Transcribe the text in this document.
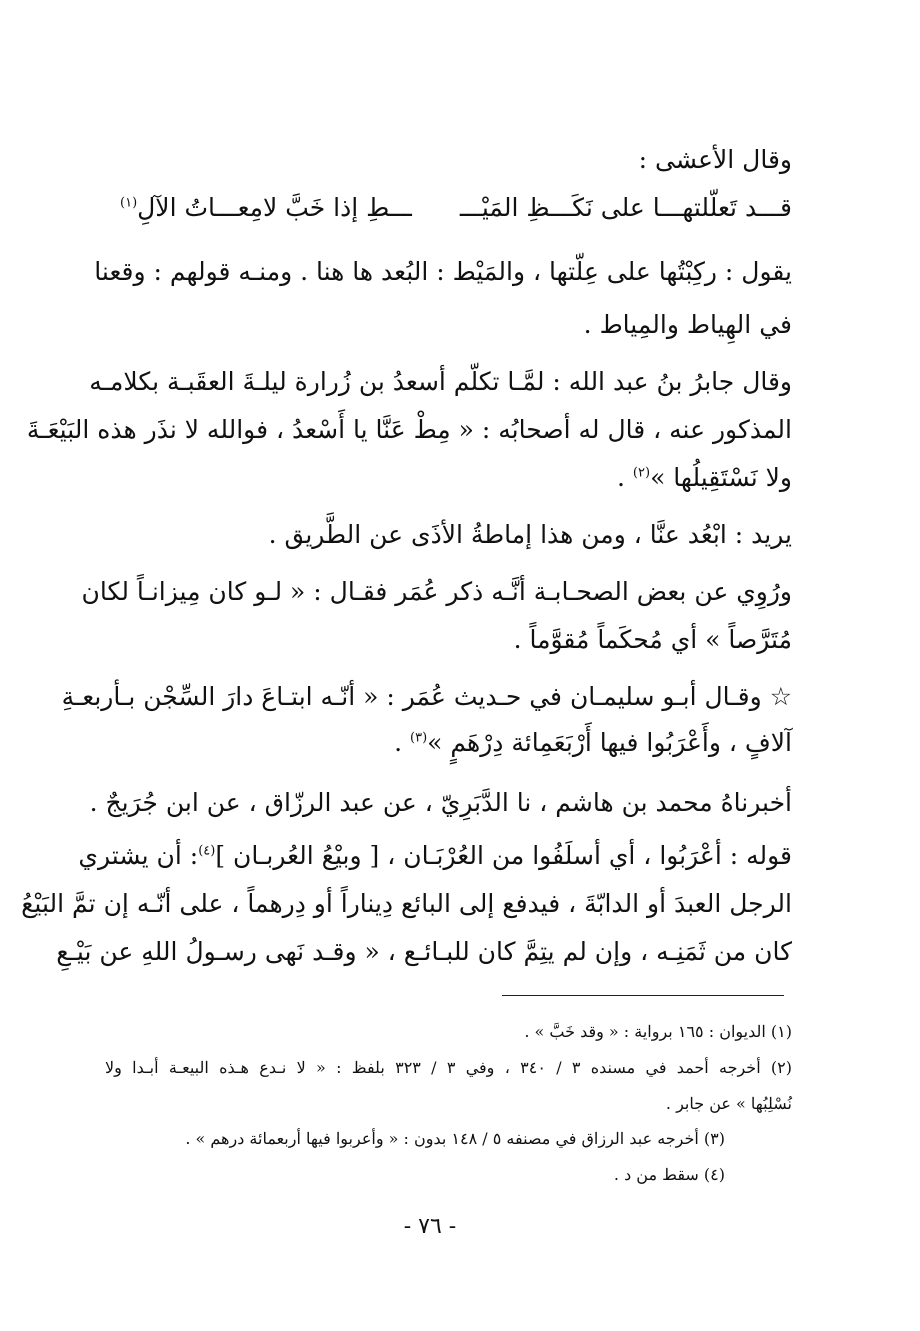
وقال الأعشى :
قـــد تَعلّلتهـــا على نَكَـــظِ المَيْـــ
ـــطِ إذا خَبَّ لامِعـــاتُ الآلِ$^{(١)}$
يقول : ركِبْتُها على عِلّتها ، والمَيْط : البُعد ها هنا . ومنـه قولهم : وقعنا
في الهِياط والمِياط .
وقال جابرُ بنُ عبد الله : لمَّـا تكلّم أسعدُ بن زُرارة ليلـةَ العقَبـة بكلامـه
المذكور عنه ، قال له أصحابُه : « مِطْ عَنَّا يا أَسْعدُ ، فوالله لا نذَر هذه البَيْعَـةَ
ولا نَسْتَقِيلُها »$^{(٢)}$ .
يريد : ابْعُد عنَّا ، ومن هذا إماطةُ الأذَى عن الطَّريق .
ورُوِي عن بعض الصحـابـة أنَّـه ذكر عُمَر فقـال : « لـو كان مِيزانـاً لكان
مُتَرَّصاً » أي مُحكَماً مُقوَّماً .
☆ وقـال أبـو سليمـان في حـديث عُمَر : « أنّـه ابتـاعَ دارَ السِّجْن بـأربعـةِ
آلافٍ ، وأَعْرَبُوا فيها أَرْبَعَمِائة دِرْهَمٍ »$^{(٣)}$ .
أخبرناهُ محمد بن هاشم ، نا الدَّبَرِيّ ، عن عبد الرزّاق ، عن ابن جُرَيجٌ .
قوله : أعْرَبُوا ، أي أسلَفُوا من العُرْبَـان ، [ وبيْعُ العُربـان ]$^{(٤)}$: أن يشتري
الرجل العبدَ أو الدابّةَ ، فيدفع إلى البائع دِيناراً أو دِرهماً ، على أنّـه إن تمَّ البَيْعُ
كان من ثَمَنِـه ، وإن لم يتِمَّ كان للبـائـع ، « وقـد نَهى رسـولُ اللهِ عن بَيْـعِ
(١) الديوان : ١٦٥ برواية : « وقد خَبَّ » .
(٢) أخرجه أحمد في مسنده ٣ / ٣٤٠ ، وفي ٣ / ٣٢٣ بلفظ : « لا نـدع هـذه البيعـة أبـدا ولا
نُسْلِبُها » عن جابر .
(٣) أخرجه عبد الرزاق في مصنفه ٥ / ١٤٨ بدون : « وأعربوا فيها أربعمائة درهم » .
(٤) سقط من د .
- ٧٦ -
